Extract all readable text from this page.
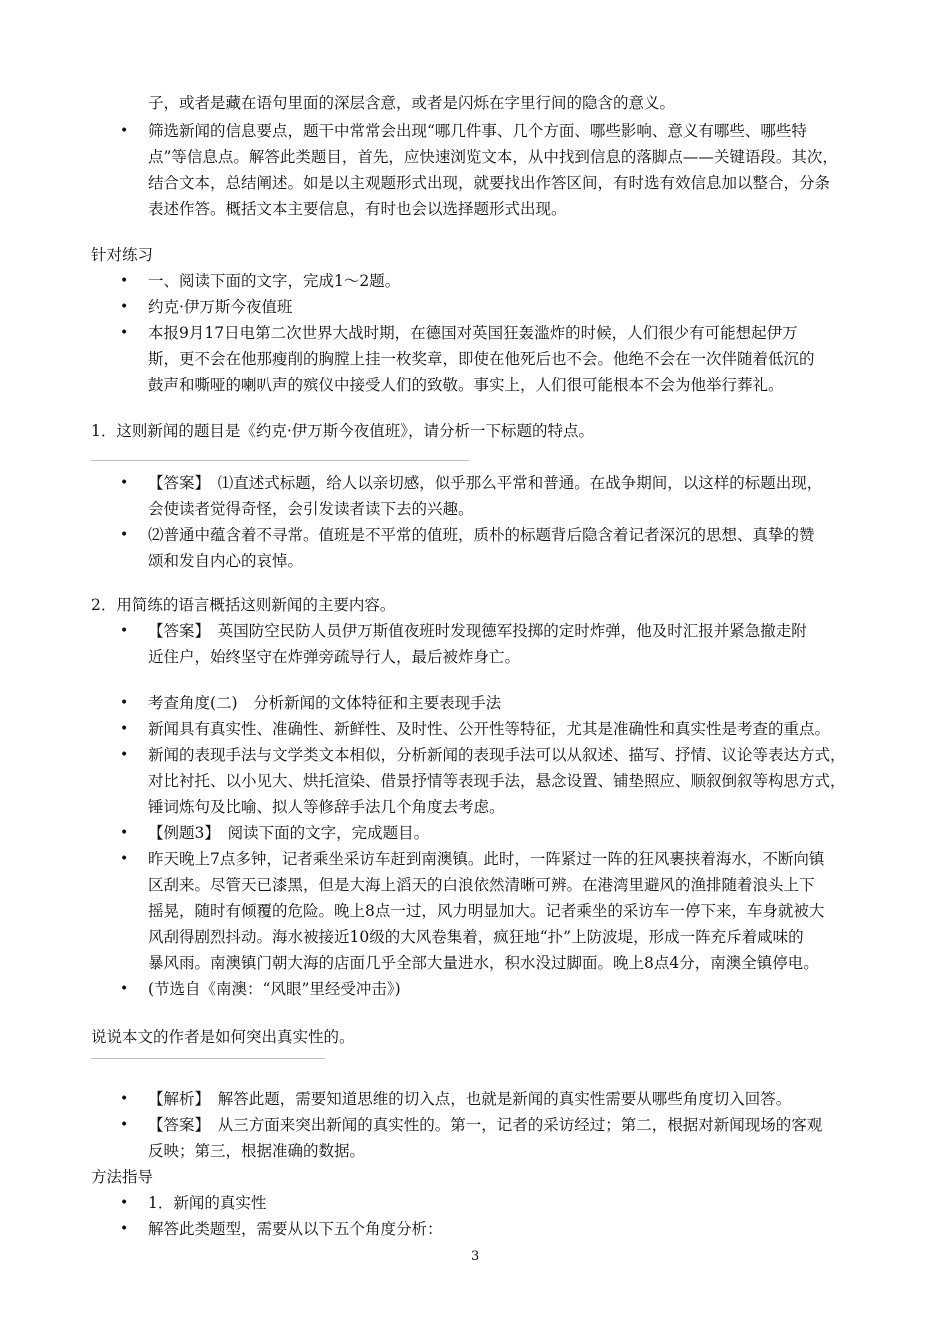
子，或者是藏在语句里面的深层含意，或者是闪烁在字里行间的隐含的意义。
• 筛选新闻的信息要点，题干中常常会出现“哪几件事、几个方面、哪些影响、意义有哪些、哪些特
点”等信息点。解答此类题目，首先，应快速浏览文本，从中找到信息的落脚点——关键语段。其次，
结合文本，总结阐述。如是以主观题形式出现，就要找出作答区间，有时选有效信息加以整合，分条
表述作答。概括文本主要信息，有时也会以选择题形式出现。
针对练习
• 一、阅读下面的文字，完成1～2题。
• 约克·伊万斯今夜值班
• 本报9月17日电第二次世界大战时期，在德国对英国狂轰滥炸的时候，人们很少有可能想起伊万
斯，更不会在他那瘦削的胸膛上挂一枚奖章，即使在他死后也不会。他绝不会在一次伴随着低沉的
鼓声和嘶哑的喇叭声的殡仪中接受人们的致敬。事实上，人们很可能根本不会为他举行葬礼。
1．这则新闻的题目是《约克·伊万斯今夜值班》，请分析一下标题的特点。
• 【答案】　⑴直述式标题，给人以亲切感，似乎那么平常和普通。在战争期间，以这样的标题出现，
会使读者觉得奇怪，会引发读者读下去的兴趣。
• ⑵普通中蕴含着不寻常。值班是不平常的值班，质朴的标题背后隐含着记者深沉的思想、真挚的赞
颂和发自内心的哀悼。
2．用简练的语言概括这则新闻的主要内容。
• 【答案】　英国防空民防人员伊万斯值夜班时发现德军投掷的定时炸弹，他及时汇报并紧急撤走附
近住户，始终坚守在炸弹旁疏导行人，最后被炸身亡。
• 考查角度(二)　分析新闻的文体特征和主要表现手法
• 新闻具有真实性、准确性、新鲜性、及时性、公开性等特征，尤其是准确性和真实性是考查的重点。
• 新闻的表现手法与文学类文本相似，分析新闻的表现手法可以从叙述、描写、抒情、议论等表达方式，
对比衬托、以小见大、烘托渲染、借景抒情等表现手法，悬念设置、铺垫照应、顺叙倒叙等构思方式，
锤词炼句及比喻、拟人等修辞手法几个角度去考虑。
• 【例题3】　阅读下面的文字，完成题目。
• 昨天晚上7点多钟，记者乘坐采访车赶到南澳镇。此时，一阵紧过一阵的狂风裹挟着海水，不断向镇
区刮来。尽管天已漆黑，但是大海上滔天的白浪依然清晰可辨。在港湾里避风的渔排随着浪头上下
摇晃，随时有倾覆的危险。晚上8点一过，风力明显加大。记者乘坐的采访车一停下来，车身就被大
风刮得剧烈抖动。海水被接近10级的大风卷集着，疯狂地“扑”上防波堤，形成一阵充斥着咸味的
暴风雨。南澳镇门朝大海的店面几乎全部大量进水，积水没过脚面。晚上8点4分，南澳全镇停电。
• (节选自《南澳：“风眼”里经受冲击》)
说说本文的作者是如何突出真实性的。
• 【解析】　解答此题，需要知道思维的切入点，也就是新闻的真实性需要从哪些角度切入回答。
• 【答案】　从三方面来突出新闻的真实性的。第一，记者的采访经过；第二，根据对新闻现场的客观
反映；第三，根据准确的数据。
方法指导
• 1．新闻的真实性
• 解答此类题型，需要从以下五个角度分析：
3
